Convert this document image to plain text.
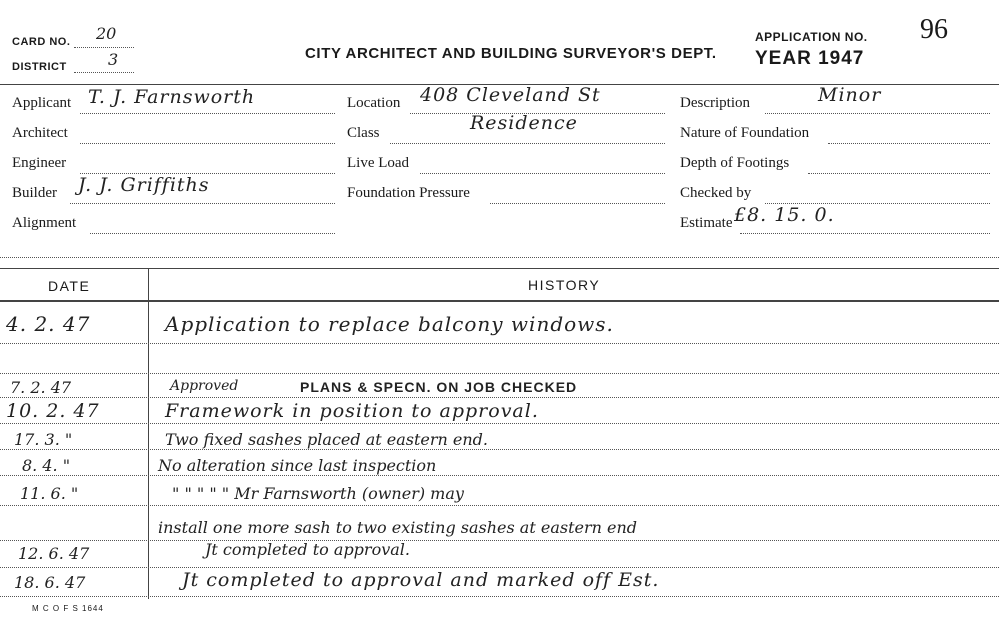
CARD NO. 20
DISTRICT	3	CITY ARCHITECT AND BUILDING SURVEYOR'S DEPT.
APPLICATION NO. 96
YEAR 1947
Applicant T. J. Farnsworth
Architect
Engineer
Builder J. J. Griffiths
Alignment
Location 408 Cleveland St
Class	Residence
Live Load
Foundation Pressure
Description	Minor
Nature of Foundation
Depth of Footings
Checked by
Estimate £8. 15. 0.
DATE	HISTORY
4. 2. 47	Application to replace balcony windows.
7. 2. 47	Approved	PLANS & SPECN. ON JOB CHECKED
10. 2. 47	Framework in position to approval.
17. 3. "	Two fixed sashes placed at eastern end.
8. 4. "	No alteration since last inspection
11. 6. "	" " " " " Mr Farnsworth (owner) may
install one more sash to two existing sashes at eastern end
12. 6. 47	Jt completed to approval.
18. 6. 47	Jt completed to approval and marked off Est.
M C O F S 1644
